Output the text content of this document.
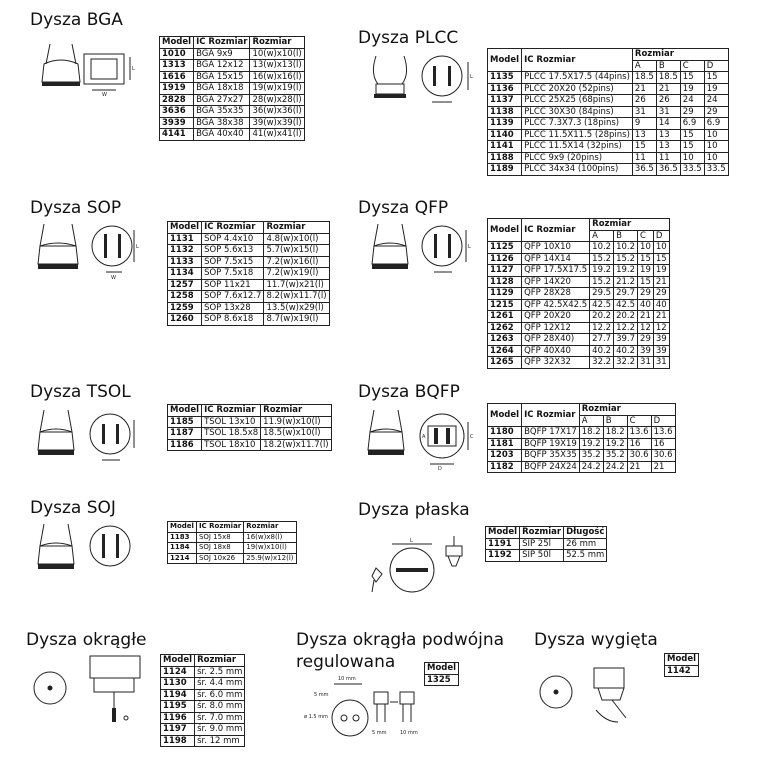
Dysza BGA
L
W
Model	IC Rozmiar	Rozmiar
1010	BGA 9x9	10(w)x10(l)
1313	BGA 12x12	13(w)x13(l)
1616	BGA 15x15	16(w)x16(l)
1919	BGA 18x18	19(w)x19(l)
2828	BGA 27x27	28(w)x28(l)
3636	BGA 35x35	36(w)x36(l)
3939	BGA 38x38	39(w)x39(l)
4141	BGA 40x40	41(w)x41(l)
Dysza PLCC
L
Model	IC Rozmiar	Rozmiar			
		A	B	C	D
1135	PLCC 17.5X17.5 (44pins)	18.5	18.5	15	15
1136	PLCC 20X20 (52pins)	21	21	19	19
1137	PLCC 25X25 (68pins)	26	26	24	24
1138	PLCC 30X30 (84pins)	31	31	29	29
1139	PLCC 7.3X7.3 (18pins)	9	14	6.9	6.9
1140	PLCC 11.5X11.5 (28pins)	13	13	15	10
1141	PLCC 11.5X14 (32pins)	15	13	15	10
1188	PLCC 9x9 (20pins)	11	11	10	10
1189	PLCC 34x34 (100pins)	36.5	36.5	33.5	33.5
Dysza SOP
L
W
Model	IC Rozmiar	Rozmiar
1131	SOP 4.4x10	4.8(w)x10(l)
1132	SOP 5.6x13	5.7(w)x15(l)
1133	SOP 7.5x15	7.2(w)x16(l)
1134	SOP 7.5x18	7.2(w)x19(l)
1257	SOP 11x21	11.7(w)x21(l)
1258	SOP 7.6x12.7	8.2(w)x11.7(l)
1259	SOP 13x28	13.5(w)x29(l)
1260	SOP 8.6x18	8.7(w)x19(l)
Dysza QFP
L
Model	IC Rozmiar	Rozmiar			
		A	B	C	D
1125	QFP 10X10	10.2	10.2	10	10
1126	QFP 14X14	15.2	15.2	15	15
1127	QFP 17.5X17.5	19.2	19.2	19	19
1128	QFP 14X20	15.2	21.2	15	21
1129	QFP 28X28	29.5	29.7	29	29
1215	QFP 42.5X42.5	42.5	42.5	40	40
1261	QFP 20X20	20.2	20.2	21	21
1262	QFP 12X12	12.2	12.2	12	12
1263	QFP 28X40)	27.7	39.7	29	39
1264	QFP 40X40	40.2	40.2	39	39
1265	QFP 32X32	32.2	32.2	31	31
Dysza TSOL
Model	IC Rozmiar	Rozmiar
1185	TSOL 13x10	11.9(w)x10(l)
1187	TSOL 18.5x8	18.5(w)x10(l)
1186	TSOL 18x10	18.2(w)x11.7(l)
Dysza BQFP
A	C
D
Model	IC Rozmiar	Rozmiar			
		A	B	C	D
1180	BQFP 17X17	18.2	18.2	13.6	13.6
1181	BQFP 19X19	19.2	19.2	16	16
1203	BQFP 35X35	35.2	35.2	30.6	30.6
1182	BQFP 24X24	24.2	24.2	21	21
Dysza SOJ
Model	IC Rozmiar	Rozmiar
1183	SOJ 15x8	16(w)x8(l)
1184	SOJ 18x8	19(w)x10(l)
1214	SOJ 10x26	25.9(w)x12(l)
Dysza płaska
L
Model	Rozmiar	Długość
1191	SIP 25l	26 mm
1192	SIP 50l	52.5 mm
Dysza okrągłe
Model	Rozmiar
1124	śr. 2.5 mm
1130	śr. 4.4 mm
1194	śr. 6.0 mm
1195	śr. 8.0 mm
1196	śr. 7.0 mm
1197	śr. 9.0 mm
1198	śr. 12 mm
Dysza okrągła podwójna
regulowana	Model
1325
10 mm
5 mm
ø 1.5 mm
5 mm	10 mm
Dysza wygięta
Model
1142
